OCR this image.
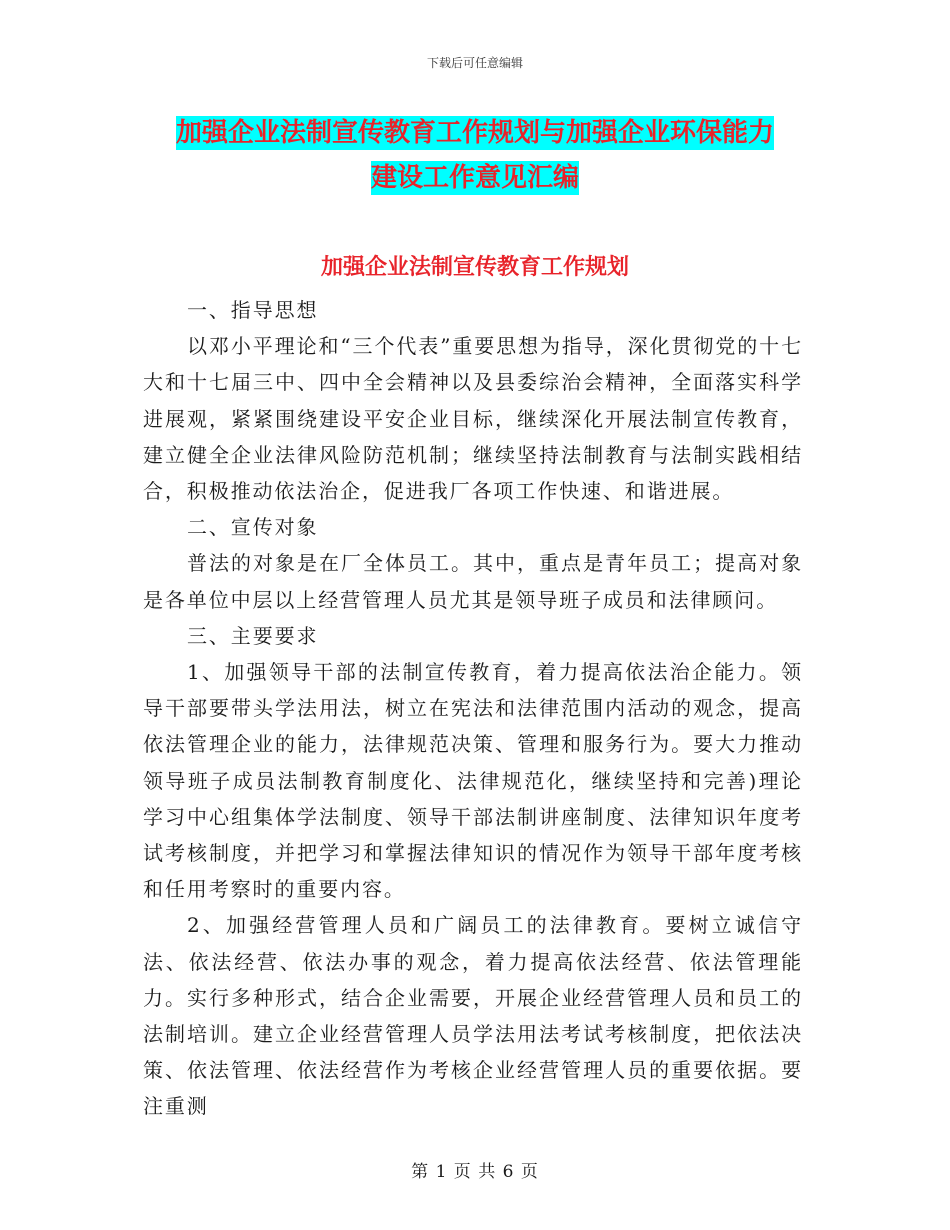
下载后可任意编辑
加强企业法制宣传教育工作规划与加强企业环保能力
建设工作意见汇编
加强企业法制宣传教育工作规划

一、指导思想

以邓小平理论和“三个代表”重要思想为指导，深化贯彻党的十七大和十七届三中、四中全会精神以及县委综治会精神，全面落实科学进展观，紧紧围绕建设平安企业目标，继续深化开展法制宣传教育，建立健全企业法律风险防范机制；继续坚持法制教育与法制实践相结合，积极推动依法治企，促进我厂各项工作快速、和谐进展。

二、宣传对象

普法的对象是在厂全体员工。其中，重点是青年员工；提高对象是各单位中层以上经营管理人员尤其是领导班子成员和法律顾问。

三、主要要求

1、加强领导干部的法制宣传教育，着力提高依法治企能力。领导干部要带头学法用法，树立在宪法和法律范围内活动的观念，提高依法管理企业的能力，法律规范决策、管理和服务行为。要大力推动领导班子成员法制教育制度化、法律规范化，继续坚持和完善)理论学习中心组集体学法制度、领导干部法制讲座制度、法律知识年度考试考核制度，并把学习和掌握法律知识的情况作为领导干部年度考核和任用考察时的重要内容。

2、加强经营管理人员和广阔员工的法律教育。要树立诚信守法、依法经营、依法办事的观念，着力提高依法经营、依法管理能力。实行多种形式，结合企业需要，开展企业经营管理人员和员工的法制培训。建立企业经营管理人员学法用法考试考核制度，把依法决策、依法管理、依法经营作为考核企业经营管理人员的重要依据。要注重测

第 1 页 共 6 页
